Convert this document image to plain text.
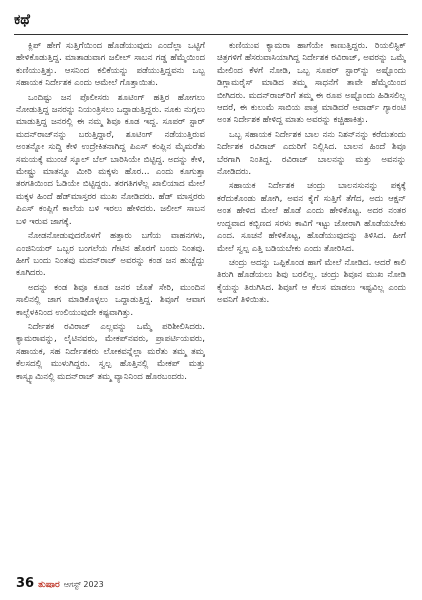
ಕಥೆ

ಕ್ಲಿಪ್ ಹೇಗೆ ಸುತ್ತಿಗೆಯಿಂದ ಹೊಡೆಯುವುದು ಎಂದೆಲ್ಲಾ ಒಟ್ಟಿಗೆ ಹೇಳಿಕೊಡುತ್ತಿದ್ದ. ಮಾತಾಡುವಾಗ ಜಲೀಲ್ ಸಾಬನ ಗಡ್ಡ ಹೆಮ್ಮೆಯಿಂದ ಕುಣಿಯುತ್ತಿತ್ತು. ಆಸನಿಂದ ಕಲಿಕೆಯನ್ನು ಪಡೆಯುತ್ತಿದ್ದವನು ಒಬ್ಬ ಸಹಾಯಕ ನಿರ್ದೇಶಕ ಎಂದು ಆಮೇಲೆ ಗೊತ್ತಾಯಿತು.

ಒಂದಿಷ್ಟು ಜನ ಪೊಲೀಸರು ಶೂಟಿಂಗ್ ಹತ್ತಿರ ಹೋಗಲು ನೋಡುತ್ತಿದ್ದ ಜನರನ್ನು ನಿಯಂತ್ರಿಸಲು ಒದ್ದಾಡುತ್ತಿದ್ದರು. ನೂಕು ನುಗ್ಗಲು ಮಾಡುತ್ತಿದ್ದ ಜನರಲ್ಲಿ ಈ ನಮ್ಮ ಶಿವೂ ಕೂಡ ಇದ್ದ. ಸೂಪರ್ ಸ್ಟಾರ್ ಮದನ್‌ರಾಜ್‌ನನ್ನು ಬರುತ್ತಿದ್ದಾರೆ, ಶೂಟಿಂಗ್ ನಡೆಯುತ್ತಿರುವ ಅಂತನ್ನೋ ಸುದ್ದಿ ಕೇಳಿ ಉದ್ರೇಕಿತನಾಗಿದ್ದ ಪಿಎಸ್ ಕಂಪ್ಲಿನ ಮೈಮರೆತು ಸಮಯಕ್ಕೆ ಮುಂಚೆ ಸ್ಕೂಲ್ ಬೆಲ್ ಬಾರಿಸಿಯೇ ಬಿಟ್ಟಿದ್ದ. ಅದನ್ನು ಕೇಳಿ, ಮೇಷ್ಟ್ರು ಮಾತನ್ನೂ ಮೀರಿ ಮಕ್ಕಳು ಹೊರ... ಎಂದು ಕೂಗುತ್ತಾ ತರಗತಿಯಿಂದ ಓಡಿಯೇ ಬಿಟ್ಟಿದ್ದರು. ತರಗತಿಗಳೆಲ್ಲ ಖಾಲಿಯಾದ ಮೇಲೆ ಮಕ್ಕಳ ಹಿಂದೆ ಹೆಡ್‌ಮಾಸ್ತರರ ಮುಖ ನೋಡಿದರು. ಹೆಡ್ ಮಾಸ್ತರರು ಪಿಎಸ್ ಕಂಪ್ಲಿಗೆ ಕಾಲೆಯ ಬಳಿ ಇರಲು ಹೇಳಿದರು. ಜಲೀಲ್ ಸಾಬನ ಬಳಿ ಇರುವ ಜಾಗಕ್ಕೆ.

ನೋಡನೋಡುವುದರೊಳಗೆ ಹತ್ತಾರು ಬಗೆಯ ವಾಹನಗಳು, ಎಂಜಿನಿಯರ್ ಒಬ್ಬರ ಬಂಗಲೆಯ ಗೇಟಿನ ಹೊರಗೆ ಬಂದು ನಿಂತವು. ಹೀಗೆ ಬಂದು ನಿಂತವು ಮದನ್‌ರಾಜ್ ಅವರನ್ನು ಕಂಡ ಜನ ಹುಚ್ಚೆದ್ದು ಕೂಗಿದರು.

ಅದನ್ನು ಕಂಡ ಶಿವೂ ಕೂಡ ಜನರ ಜೊತೆ ಸೇರಿ, ಮುಂದಿನ ಸಾಲಿನಲ್ಲಿ ಜಾಗ ಮಾಡಿಕೊಳ್ಳಲು ಒದ್ದಾಡುತ್ತಿದ್ದ. ಶಿವೂಗೆ ಆವಾಗ ಕಾಲ್ಬೆಳಕಿನಿಂದ ಉಲಿಯುವುದೇ ಕಷ್ಟವಾಗಿತ್ತು.

ನಿರ್ದೇಶಕ ರವಿರಾಜ್ ಎಲ್ಲವನ್ನು ಒಮ್ಮೆ ಪರಿಶೀಲಿಸಿದರು. ಕ್ಯಾಮರಾವನ್ನು, ಲೈಟಿನವರು, ಮೇಕಪ್‌ನವರು, ಪ್ರಾಪರ್ಟಿಯವರು, ಸಹಾಯಕ, ಸಹ ನಿರ್ದೇಶಕರು ಲೋಕವನ್ನೆಲ್ಲಾ ಮರೆತು ತಮ್ಮ ತಮ್ಮ ಕೆಲಸದಲ್ಲಿ ಮುಳುಗಿದ್ದರು. ಸ್ವಲ್ಪ ಹೊತ್ತಿನಲ್ಲಿ ಮೇಕಪ್ ಮತ್ತು ಕಾಸ್ಟ್ಯೂಮಿನಲ್ಲಿ ಮದನ್‌ರಾಜ್ ತಮ್ಮ ವ್ಯಾನಿನಿಂದ ಹೊರಬಂದರು.

ಕುಣಿಯುವ ಕ್ಯಾಮರಾ ಹಾಗೆಯೇ ಕಾಣುತ್ತಿದ್ದರು. ರಿಯಲಿಸ್ಟಿಕ್ ಚಿತ್ರಗಳಿಗೆ ಹೆಸರುವಾಸಿಯಾಗಿದ್ದ ನಿರ್ದೇಶಕ ರವಿರಾಜ್, ಅವರನ್ನು ಒಮ್ಮೆ ಮೇಲಿಂದ ಕೆಳಗೆ ನೋಡಿ, ಒಬ್ಬ ಸೂಪರ್ ಸ್ಟಾರ್‌ನ್ನು ಅಷ್ಟೊಂದು ಡಿಗ್ಲಾಮರೈಸ್ ಮಾಡಿದ ತಮ್ಮ ಸಾಧನೆಗೆ ತಾವೇ ಹೆಮ್ಮೆಯಿಂದ ಬೀಗಿದರು. ಮದನ್‌ರಾಜ್‌ರಿಗೆ ತಮ್ಮ ಈ ರೂಪ ಅಷ್ಟೊಂದು ಹಿಡಿಸಲಿಲ್ಲ ಆದರೆ, ಈ ಕುಲುಮೆ ಸಾಬಿಯ ಪಾತ್ರ ಮಾಡಿದರೆ ಅವಾರ್ಡ್ ಗ್ಯಾರಂಟಿ ಅಂತ ನಿರ್ದೇಶಕ ಹೇಳಿದ್ದ ಮಾತು ಅವರನ್ನು ಕಚ್ಚಿಹಾಕಿತ್ತು.

ಒಬ್ಬ ಸಹಾಯಕ ನಿರ್ದೇಶಕ ಬಾಲ ನನು ನಿಶನ್‌ನನ್ನು ಕರೆದುತಂದು ನಿರ್ದೇಶಕ ರವಿರಾಜ್ ಎದುರಿಗೆ ನಿಲ್ಲಿಸಿದ. ಬಾಲನ ಹಿಂದೆ ಶಿವೂ ಬೆರಗಾಗಿ ನಿಂತಿದ್ದ. ರವಿರಾಜ್ ಬಾಲನನ್ನು ಮತ್ತು ಅವನನ್ನು ನೋಡಿದರು.

ಸಹಾಯಕ ನಿರ್ದೇಶಕ ಚಂದ್ರು ಬಾಲನಸುನನ್ನು ಪಕ್ಕಕ್ಕೆ ಕರೆದುಕೊಂಡು ಹೋಗಿ, ಅವನ ಕೈಗೆ ಸುತ್ತಿಗೆ ತೆಗೆದ, ಅದು ಆಕ್ಷನ್ ಅಂತ ಹೇಳಿದ ಮೇಲೆ ಹೊಡೆ ಎಂದು ಹೇಳಿಕೊಟ್ಟ. ಅದರ ನಂತರ ಉದ್ದವಾದ ಕಬ್ಬಿಣದ ಸರಳು ಕಾವಿಗೆ ಇಟ್ಟು ಜೋರಾಗಿ ಹೊಡೆಯಬೇಕು ಎಂದ. ಸೂಚನೆ ಹೇಳಿಕೊಟ್ಟ, ಹೊಡೆಯುವುದನ್ನು ತಿಳಿಸಿದ. ಹೀಗೆ ಮೇಲೆ ಸ್ವಲ್ಪ ಎತ್ತಿ ಬಡಿಯಬೇಕು ಎಂದು ತೋರಿಸಿದ.

ಚಂದ್ರು ಅದನ್ನು ಒಪ್ಪಿಕೊಂಡ ಹಾಗೆ ಮೇಲೆ ನೋಡಿದ. ಆದರೆ ಕಾಲಿ ತಿರುಗಿ ಹೊಡೆಯಲು ಶಿವು ಬರಲಿಲ್ಲ. ಚಂದ್ರು ಶಿವೂನ ಮುಖ ನೋಡಿ ಕೈಯನ್ನು ತಿರುಗಿಸಿದ. ಶಿವೂಗೆ ಆ ಕೆಲಸ ಮಾಡಲು ಇಷ್ಟವಿಲ್ಲ ಎಂದು ಅವನಿಗೆ ತಿಳಿಯಿತು.

36 ತುಷಾರ ಆಗಸ್ಟ್ 2023
